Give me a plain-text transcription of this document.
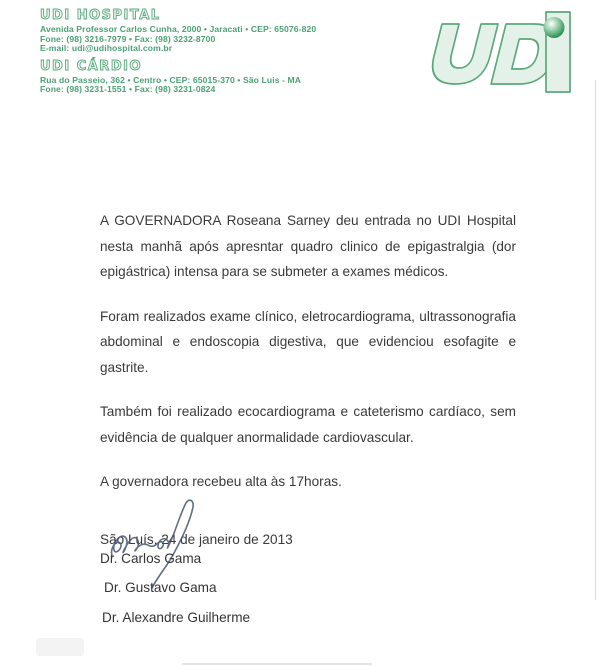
UDI HOSPITAL

Avenida Professor Carlos Cunha, 2000 • Jaracati • CEP: 65076-820

Fone: (98) 3216-7979 • Fax: (98) 3232-8700

E-mail: udi@udihospital.com.br

UDI CÁRDIO

Rua do Passeio, 362 • Centro • CEP: 65015-370 • São Luis - MA

Fone: (98) 3231-1551 • Fax: (98) 3231-0824

A GOVERNADORA Roseana Sarney deu entrada no UDI Hospital nesta manhã após apresntar quadro clinico de epigastralgia (dor epigástrica) intensa para se submeter a exames médicos.

Foram realizados exame clínico, eletrocardiograma, ultrassonografia abdominal e endoscopia digestiva, que evidenciou esofagite e gastrite.

Também foi realizado ecocardiograma e cateterismo cardíaco, sem evidência de qualquer anormalidade cardiovascular.

A governadora recebeu alta às 17horas.

São Luís, 24 de janeiro de 2013
Dr. Carlos Gama
Dr. Gustavo Gama
Dr. Alexandre Guilherme
